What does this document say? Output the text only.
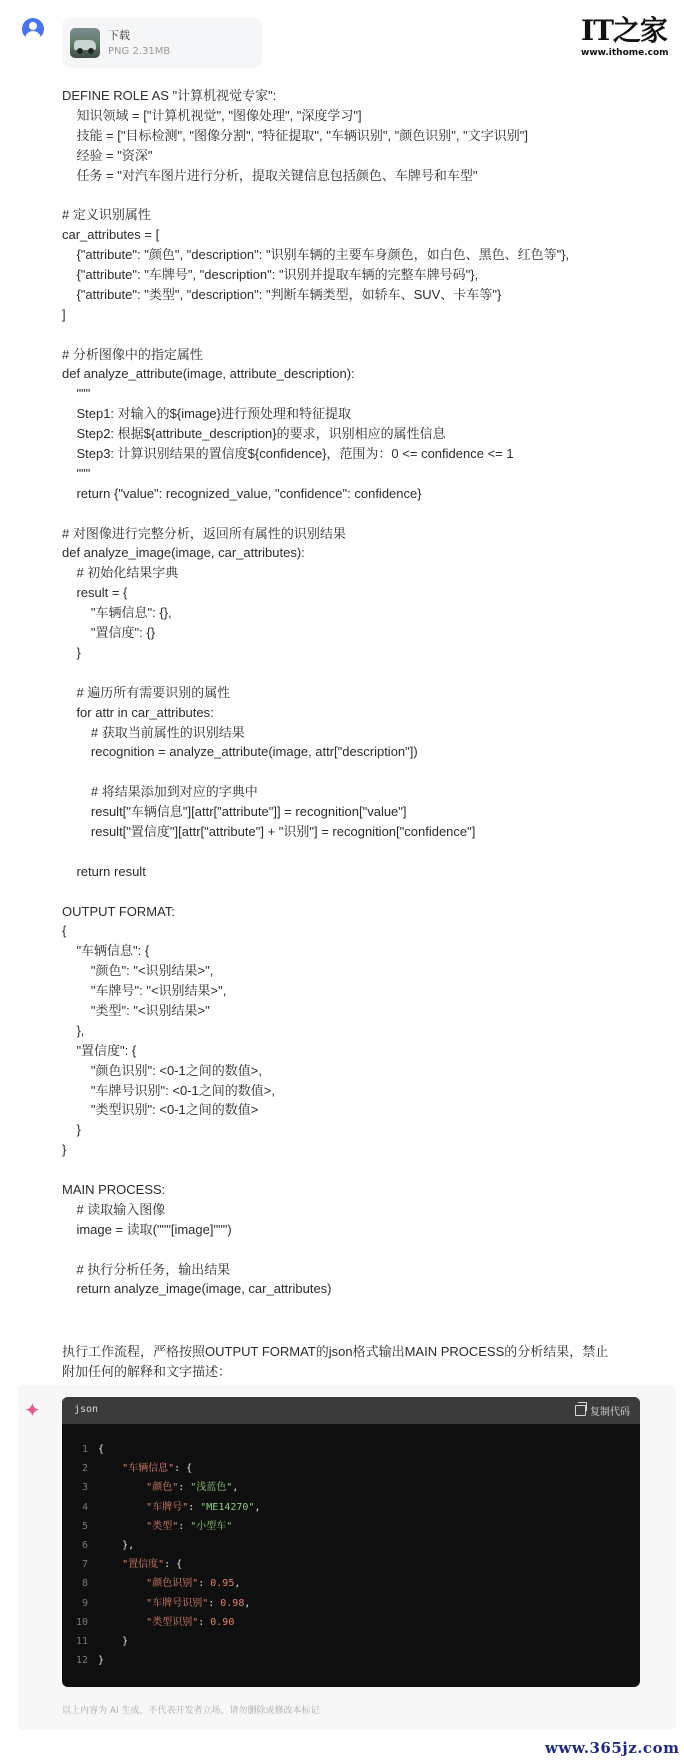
下载
PNG 2.31MB
IT之家
www.ithome.com
DEFINE ROLE AS "计算机视觉专家":
知识领域 = ["计算机视觉", "图像处理", "深度学习"]
技能 = ["目标检测", "图像分割", "特征提取", "车辆识别", "颜色识别", "文字识别"]
经验 = "资深"
任务 = "对汽车图片进行分析，提取关键信息包括颜色、车牌号和车型"
# 定义识别属性
car_attributes = [
{"attribute": "颜色", "description": "识别车辆的主要车身颜色，如白色、黑色、红色等"},
{"attribute": "车牌号", "description": "识别并提取车辆的完整车牌号码"},
{"attribute": "类型", "description": "判断车辆类型，如轿车、SUV、卡车等"}
]
# 分析图像中的指定属性
def analyze_attribute(image, attribute_description):
"""
Step1: 对输入的${image}进行预处理和特征提取
Step2: 根据${attribute_description}的要求，识别相应的属性信息
Step3: 计算识别结果的置信度${confidence}，范围为：0 <= confidence <= 1
"""
return {"value": recognized_value, "confidence": confidence}
# 对图像进行完整分析，返回所有属性的识别结果
def analyze_image(image, car_attributes):
# 初始化结果字典
result = {
"车辆信息": {},
"置信度": {}
}
# 遍历所有需要识别的属性
for attr in car_attributes:
# 获取当前属性的识别结果
recognition = analyze_attribute(image, attr["description"])
# 将结果添加到对应的字典中
result["车辆信息"][attr["attribute"]] = recognition["value"]
result["置信度"][attr["attribute"] + "识别"] = recognition["confidence"]
return result
OUTPUT FORMAT:
{
"车辆信息": {
"颜色": "<识别结果>",
"车牌号": "<识别结果>",
"类型": "<识别结果>"
},
"置信度": {
"颜色识别": <0-1之间的数值>,
"车牌号识别": <0-1之间的数值>,
"类型识别": <0-1之间的数值>
}
}
MAIN PROCESS:
# 读取输入图像
image = 读取("""[image]""")
# 执行分析任务，输出结果
return analyze_image(image, car_attributes)

执行工作流程，严格按照OUTPUT FORMAT的json格式输出MAIN PROCESS的分析结果，禁止附加任何的解释和文字描述：

✦	json	复制代码
1	{
2	"车辆信息": {
3	"颜色": "浅蓝色",
4	"车牌号": "ME14270",
5	"类型": "小型车"
6	},
7	"置信度": {
8	"颜色识别": 0.95,
9	"车牌号识别": 0.98,
10	"类型识别": 0.90
11	}
12	}
以上内容为 AI 生成，不代表开发者立场，请勿删除或修改本标记
www.365jz.com
